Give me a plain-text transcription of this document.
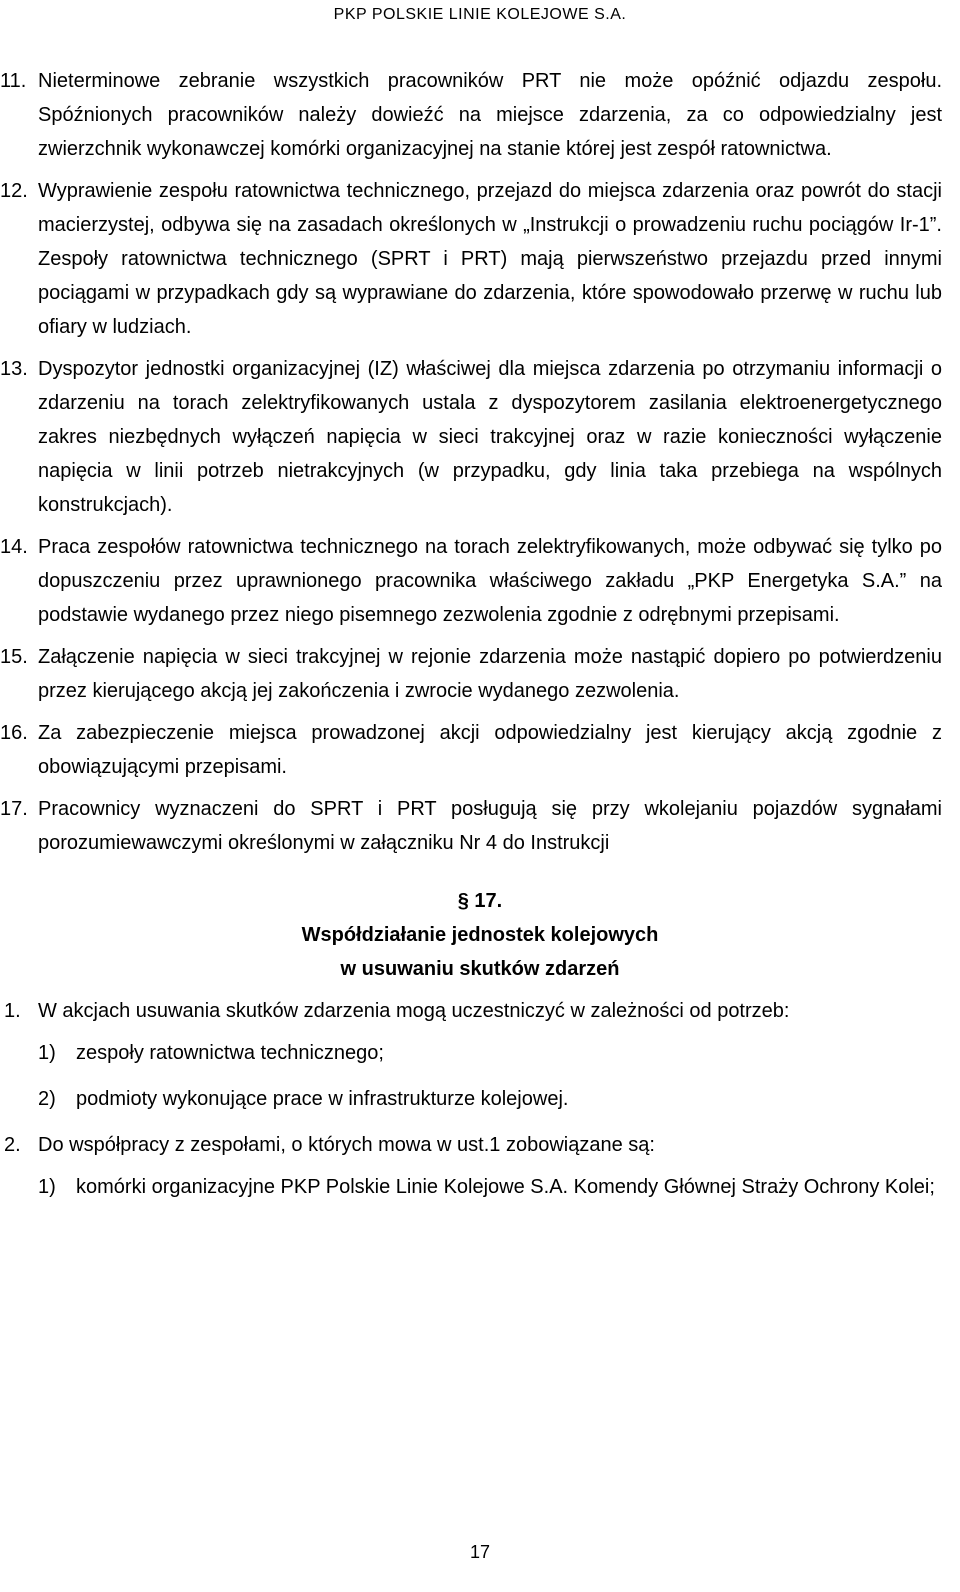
PKP POLSKIE LINIE KOLEJOWE S.A.
11. Nieterminowe zebranie wszystkich pracowników PRT nie może opóźnić odjazdu zespołu. Spóźnionych pracowników należy dowieźć na miejsce zdarzenia, za co odpowiedzialny jest zwierzchnik wykonawczej komórki organizacyjnej na stanie której jest zespół ratownictwa.
12. Wyprawienie zespołu ratownictwa technicznego, przejazd do miejsca zdarzenia oraz powrót do stacji macierzystej, odbywa się na zasadach określonych w „Instrukcji o prowadzeniu ruchu pociągów Ir-1”. Zespoły ratownictwa technicznego (SPRT i PRT) mają pierwszeństwo przejazdu przed innymi pociągami w przypadkach gdy są wyprawiane do zdarzenia, które spowodowało przerwę w ruchu lub ofiary w ludziach.
13. Dyspozytor jednostki organizacyjnej (IZ) właściwej dla miejsca zdarzenia po otrzymaniu informacji o zdarzeniu na torach zelektryfikowanych ustala z dyspozytorem zasilania elektroenergetycznego zakres niezbędnych wyłączeń napięcia w sieci trakcyjnej oraz w razie konieczności wyłączenie napięcia w linii potrzeb nietrakcyjnych (w przypadku, gdy linia taka przebiega na wspólnych konstrukcjach).
14. Praca zespołów ratownictwa technicznego na torach zelektryfikowanych, może odbywać się tylko po dopuszczeniu przez uprawnionego pracownika właściwego zakładu „PKP Energetyka S.A.” na podstawie wydanego przez niego pisemnego zezwolenia zgodnie z odrębnymi przepisami.
15. Załączenie napięcia w sieci trakcyjnej w rejonie zdarzenia może nastąpić dopiero po potwierdzeniu przez kierującego akcją jej zakończenia i zwrocie wydanego zezwolenia.
16. Za zabezpieczenie miejsca prowadzonej akcji odpowiedzialny jest kierujący akcją zgodnie z obowiązującymi przepisami.
17. Pracownicy wyznaczeni do SPRT i PRT posługują się przy wkolejaniu pojazdów sygnałami porozumiewawczymi określonymi w załączniku Nr 4 do Instrukcji
§ 17.
Współdziałanie jednostek kolejowych
w usuwaniu skutków zdarzeń
1. W akcjach usuwania skutków zdarzenia mogą uczestniczyć w zależności od potrzeb:
1) zespoły ratownictwa technicznego;
2) podmioty wykonujące prace w infrastrukturze kolejowej.
2. Do współpracy z zespołami, o których mowa w ust.1 zobowiązane są:
1) komórki organizacyjne PKP Polskie Linie Kolejowe S.A. Komendy Głównej Straży Ochrony Kolei;
17
